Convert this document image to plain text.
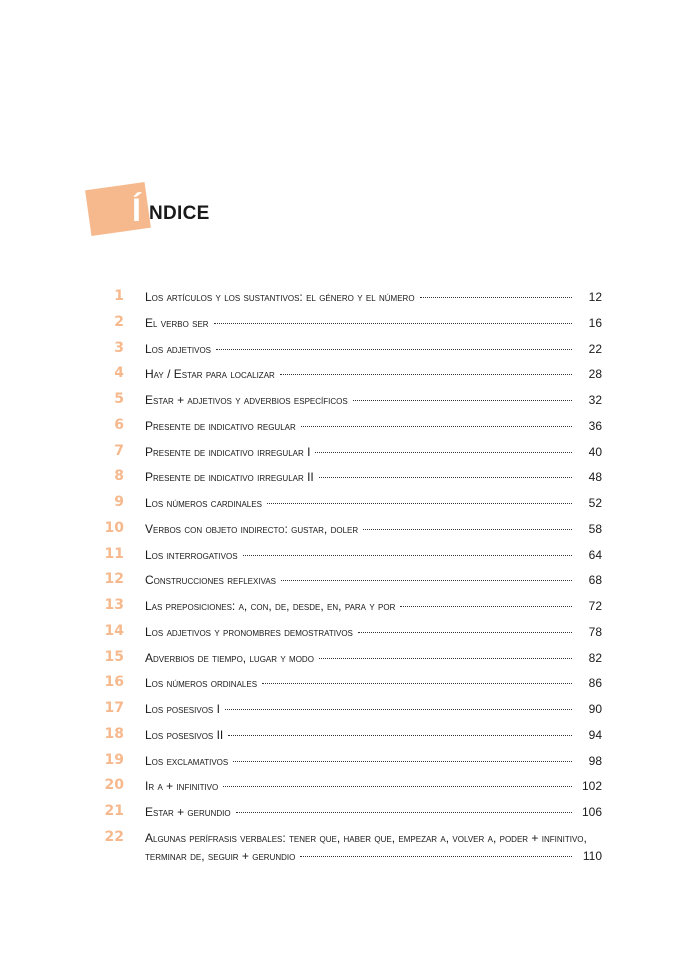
Í NDICE
1 Los artículos y los sustantivos: el género y el número	12
2 El verbo ser	16
3 Los adjetivos	22
4 Hay / Estar para localizar	28
5 Estar + adjetivos y adverbios específicos	32
6 Presente de indicativo regular	36
7 Presente de indicativo irregular I	40
8 Presente de indicativo irregular II	48
9 Los números cardinales	52
10 Verbos con objeto indirecto: gustar, doler	58
11 Los interrogativos	64
12 Construcciones reflexivas	68
13 Las preposiciones: a, con, de, desde, en, para y por	72
14 Los adjetivos y pronombres demostrativos	78
15 Adverbios de tiempo, lugar y modo	82
16 Los números ordinales	86
17 Los posesivos I	90
18 Los posesivos II	94
19 Los exclamativos	98
20 Ir a + infinitivo	102
21 Estar + gerundio	106
22 Algunas perífrasis verbales: tener que, haber que, empezar a, volver a, poder + infinitivo,
terminar de, seguir + gerundio	110
